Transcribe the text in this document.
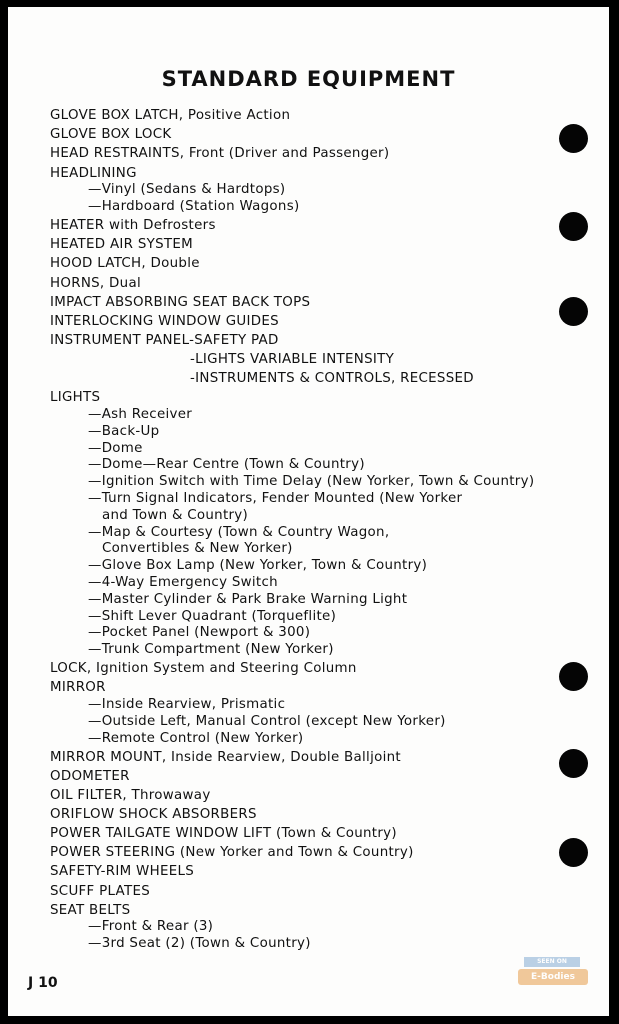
STANDARD EQUIPMENT
GLOVE BOX LATCH, Positive Action
GLOVE BOX LOCK
HEAD RESTRAINTS, Front (Driver and Passenger)
HEADLINING
—Vinyl (Sedans & Hardtops)
—Hardboard (Station Wagons)
HEATER with Defrosters
HEATED AIR SYSTEM
HOOD LATCH, Double
HORNS, Dual
IMPACT ABSORBING SEAT BACK TOPS
INTERLOCKING WINDOW GUIDES
INSTRUMENT PANEL-SAFETY PAD
-LIGHTS VARIABLE INTENSITY
-INSTRUMENTS & CONTROLS, RECESSED
LIGHTS
—Ash Receiver
—Back-Up
—Dome
—Dome—Rear Centre (Town & Country)
—Ignition Switch with Time Delay (New Yorker, Town & Country)
—Turn Signal Indicators, Fender Mounted (New Yorker
and Town & Country)
—Map & Courtesy (Town & Country Wagon,
Convertibles & New Yorker)
—Glove Box Lamp (New Yorker, Town & Country)
—4-Way Emergency Switch
—Master Cylinder & Park Brake Warning Light
—Shift Lever Quadrant (Torqueflite)
—Pocket Panel (Newport & 300)
—Trunk Compartment (New Yorker)
LOCK, Ignition System and Steering Column
MIRROR
—Inside Rearview, Prismatic
—Outside Left, Manual Control (except New Yorker)
—Remote Control (New Yorker)
MIRROR MOUNT, Inside Rearview, Double Balljoint
ODOMETER
OIL FILTER, Throwaway
ORIFLOW SHOCK ABSORBERS
POWER TAILGATE WINDOW LIFT (Town & Country)
POWER STEERING (New Yorker and Town & Country)
SAFETY-RIM WHEELS
SCUFF PLATES
SEAT BELTS
—Front & Rear (3)
—3rd Seat (2) (Town & Country)
J 10
SEEN ON
E-Bodies
